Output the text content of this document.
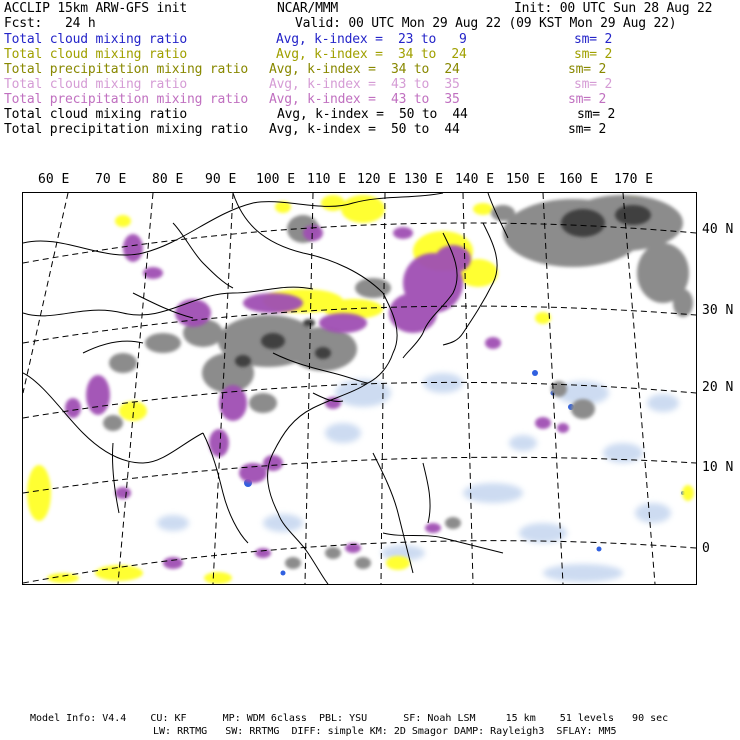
ACCLIP 15km ARW-GFS init	NCAR/MMM	Init: 00 UTC Sun 28 Aug 22
Fcst:   24 h	Valid: 00 UTC Mon 29 Aug 22 (09 KST Mon 29 Aug 22)
Total cloud mixing ratio	Avg, k-index =  23 to   9	sm= 2
Total cloud mixing ratio	Avg, k-index =  34 to  24	sm= 2
Total precipitation mixing ratio Avg, k-index =  34 to  24	sm= 2
Total cloud mixing ratio	Avg, k-index =  43 to  35	sm= 2
Total precipitation mixing ratio Avg, k-index =  43 to  35	sm= 2
Total cloud mixing ratio	Avg, k-index =  50 to  44	sm= 2
Total precipitation mixing ratio Avg, k-index =  50 to  44	sm= 2
60 E 70 E 80 E 90 E 100 E 110 E 120 E 130 E 140 E 150 E 160 E 170 E
40 N
30 N
20 N
10 N
0
Model Info: V4.4    CU: KF      MP: WDM 6class  PBL: YSU      SF: Noah LSM     15 km    51 levels   90 sec
LW: RRTMG   SW: RRTMG  DIFF: simple KM: 2D Smagor DAMP: Rayleigh3  SFLAY: MM5
